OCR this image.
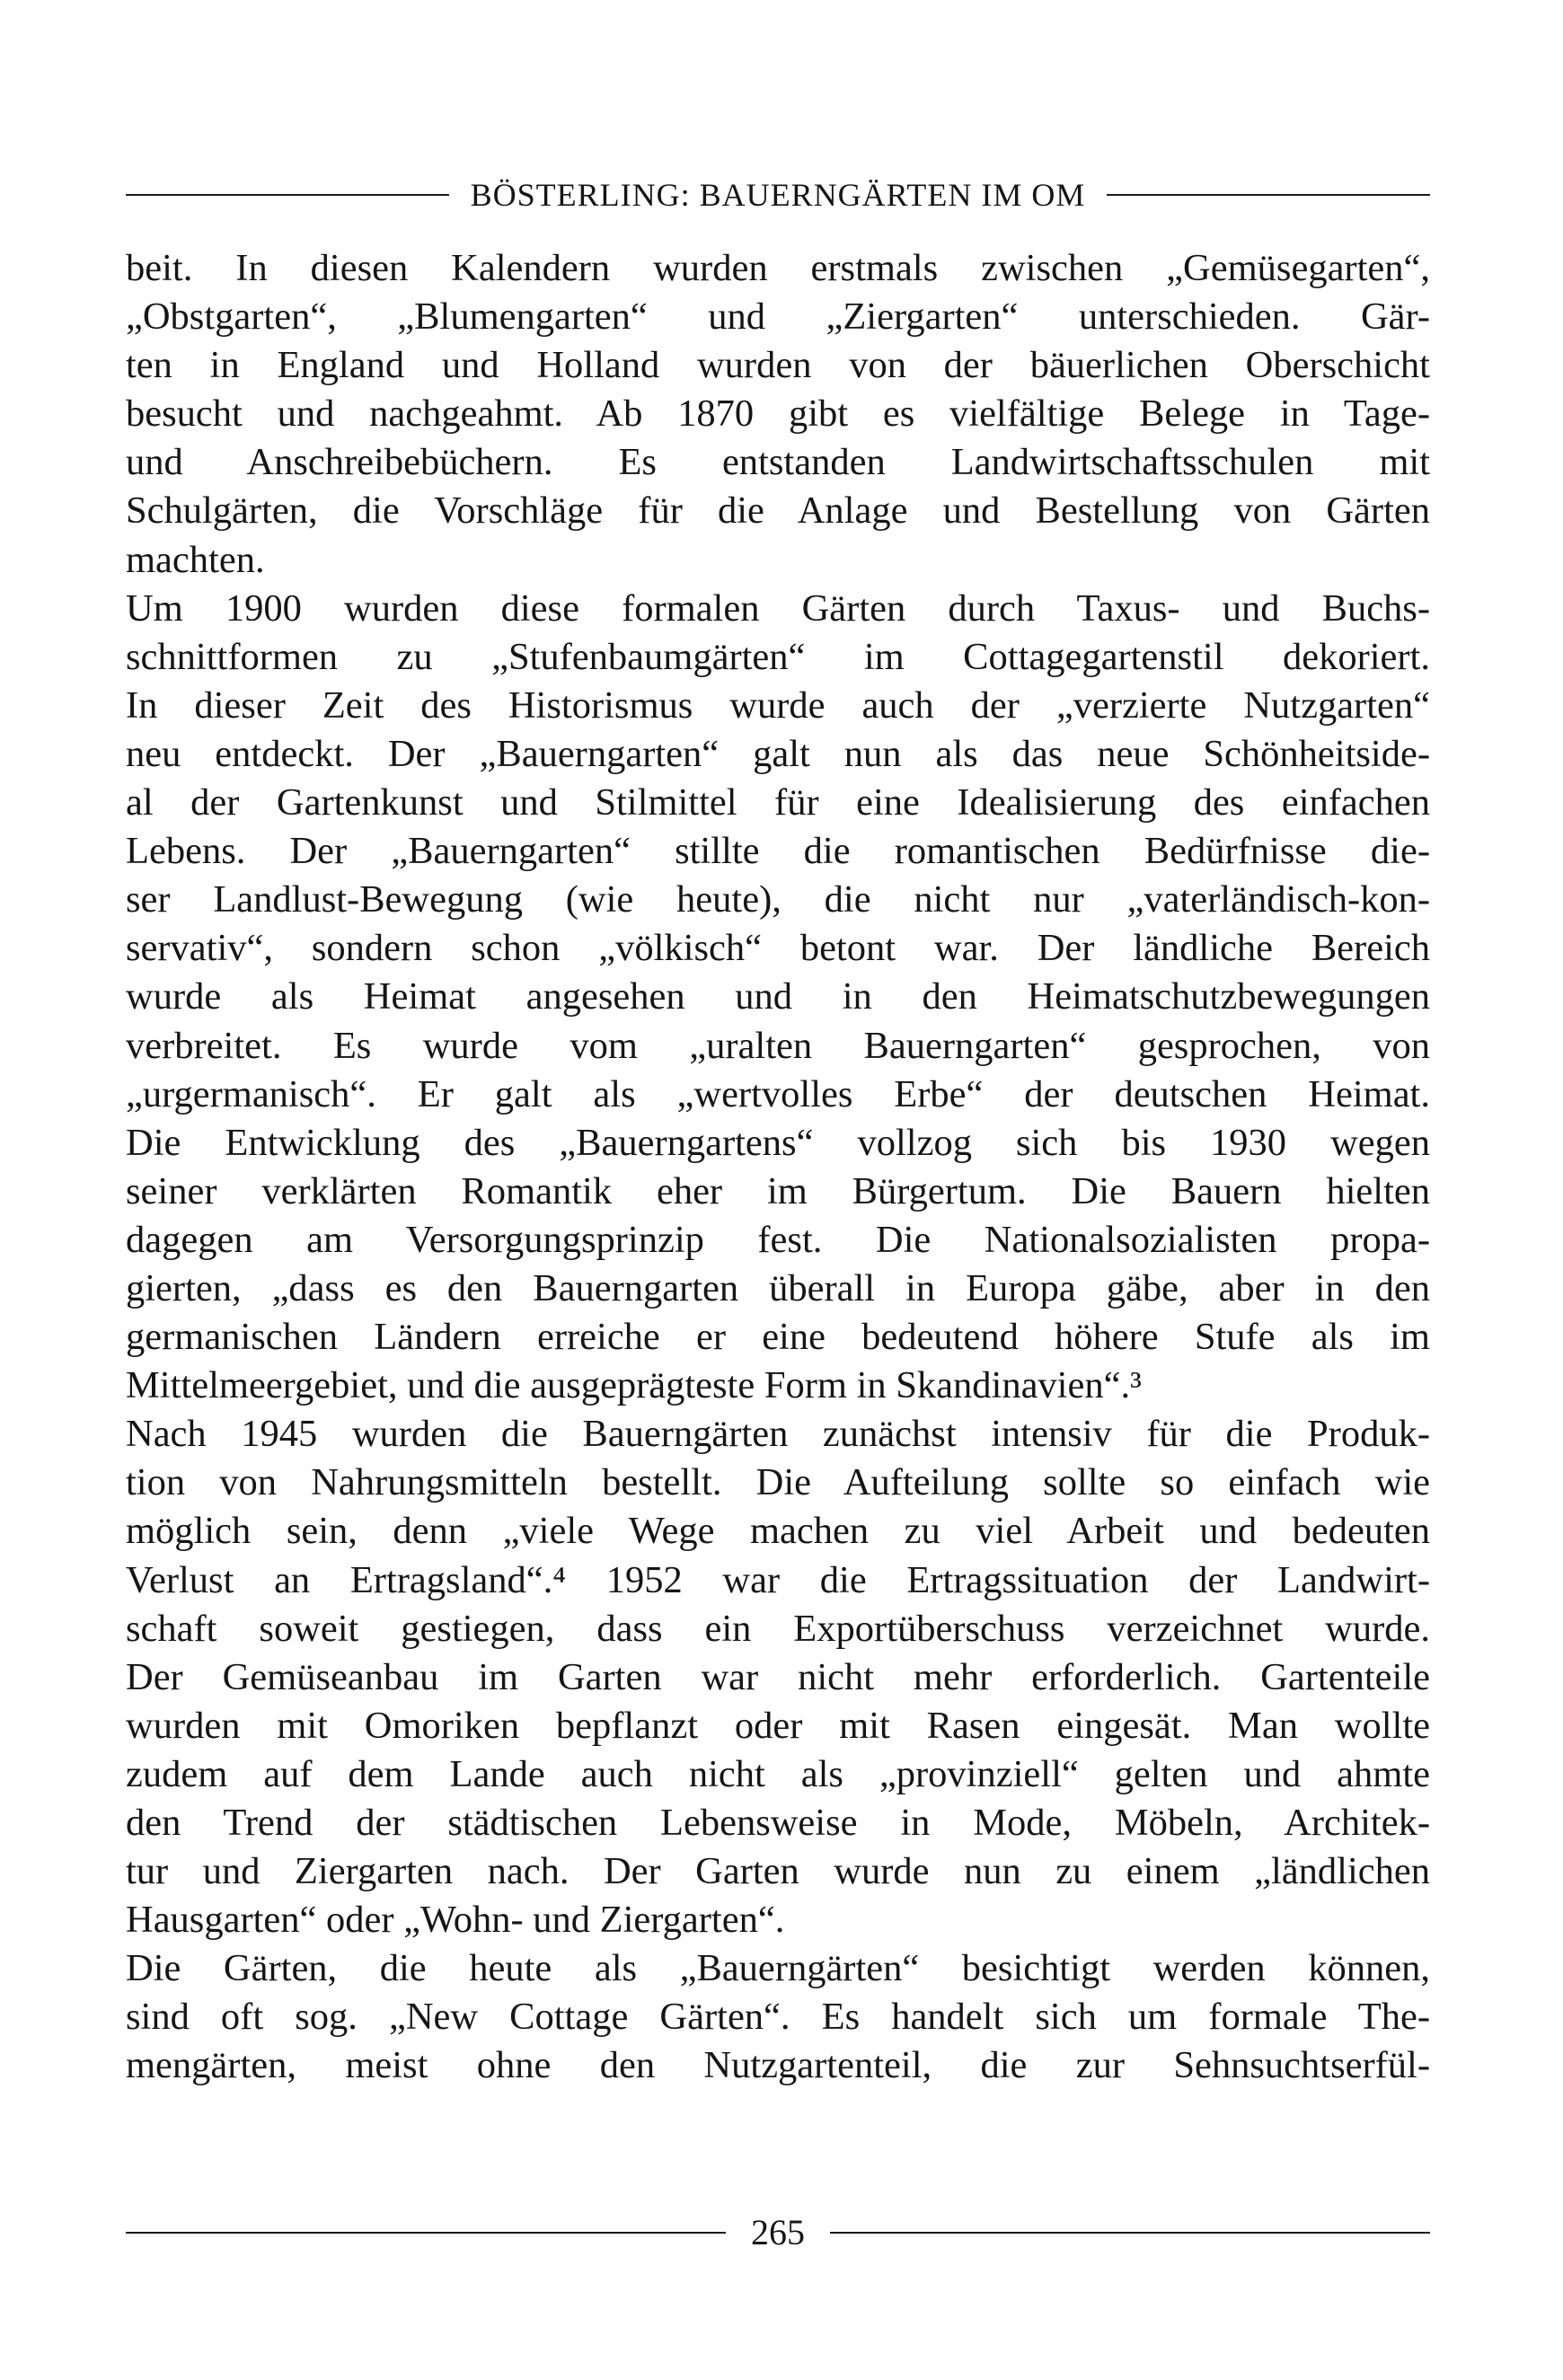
BÖSTERLING: BAUERNGÄRTEN IM OM
beit. In diesen Kalendern wurden erstmals zwischen „Gemüsegarten“,
„Obstgarten“, „Blumengarten“ und „Ziergarten“ unterschieden. Gär-
ten in England und Holland wurden von der bäuerlichen Oberschicht
besucht und nachgeahmt. Ab 1870 gibt es vielfältige Belege in Tage-
und Anschreibebüchern. Es entstanden Landwirtschaftsschulen mit
Schulgärten, die Vorschläge für die Anlage und Bestellung von Gärten
machten.
Um 1900 wurden diese formalen Gärten durch Taxus- und Buchs-
schnittformen zu „Stufenbaumgärten“ im Cottagegartenstil dekoriert.
In dieser Zeit des Historismus wurde auch der „verzierte Nutzgarten“
neu entdeckt. Der „Bauerngarten“ galt nun als das neue Schönheitside-
al der Gartenkunst und Stilmittel für eine Idealisierung des einfachen
Lebens. Der „Bauerngarten“ stillte die romantischen Bedürfnisse die-
ser Landlust-Bewegung (wie heute), die nicht nur „vaterländisch-kon-
servativ“, sondern schon „völkisch“ betont war. Der ländliche Bereich
wurde als Heimat angesehen und in den Heimatschutzbewegungen
verbreitet. Es wurde vom „uralten Bauerngarten“ gesprochen, von
„urgermanisch“. Er galt als „wertvolles Erbe“ der deutschen Heimat.
Die Entwicklung des „Bauerngartens“ vollzog sich bis 1930 wegen
seiner verklärten Romantik eher im Bürgertum. Die Bauern hielten
dagegen am Versorgungsprinzip fest. Die Nationalsozialisten propa-
gierten, „dass es den Bauerngarten überall in Europa gäbe, aber in den
germanischen Ländern erreiche er eine bedeutend höhere Stufe als im
Mittelmeergebiet, und die ausgeprägteste Form in Skandinavien“.³
Nach 1945 wurden die Bauerngärten zunächst intensiv für die Produk-
tion von Nahrungsmitteln bestellt. Die Aufteilung sollte so einfach wie
möglich sein, denn „viele Wege machen zu viel Arbeit und bedeuten
Verlust an Ertragsland“.⁴ 1952 war die Ertragssituation der Landwirt-
schaft soweit gestiegen, dass ein Exportüberschuss verzeichnet wurde.
Der Gemüseanbau im Garten war nicht mehr erforderlich. Gartenteile
wurden mit Omoriken bepflanzt oder mit Rasen eingesät. Man wollte
zudem auf dem Lande auch nicht als „provinziell“ gelten und ahmte
den Trend der städtischen Lebensweise in Mode, Möbeln, Architek-
tur und Ziergarten nach. Der Garten wurde nun zu einem „ländlichen
Hausgarten“ oder „Wohn- und Ziergarten“.
Die Gärten, die heute als „Bauerngärten“ besichtigt werden können,
sind oft sog. „New Cottage Gärten“. Es handelt sich um formale The-
mengärten, meist ohne den Nutzgartenteil, die zur Sehnsuchtserfül-
265
